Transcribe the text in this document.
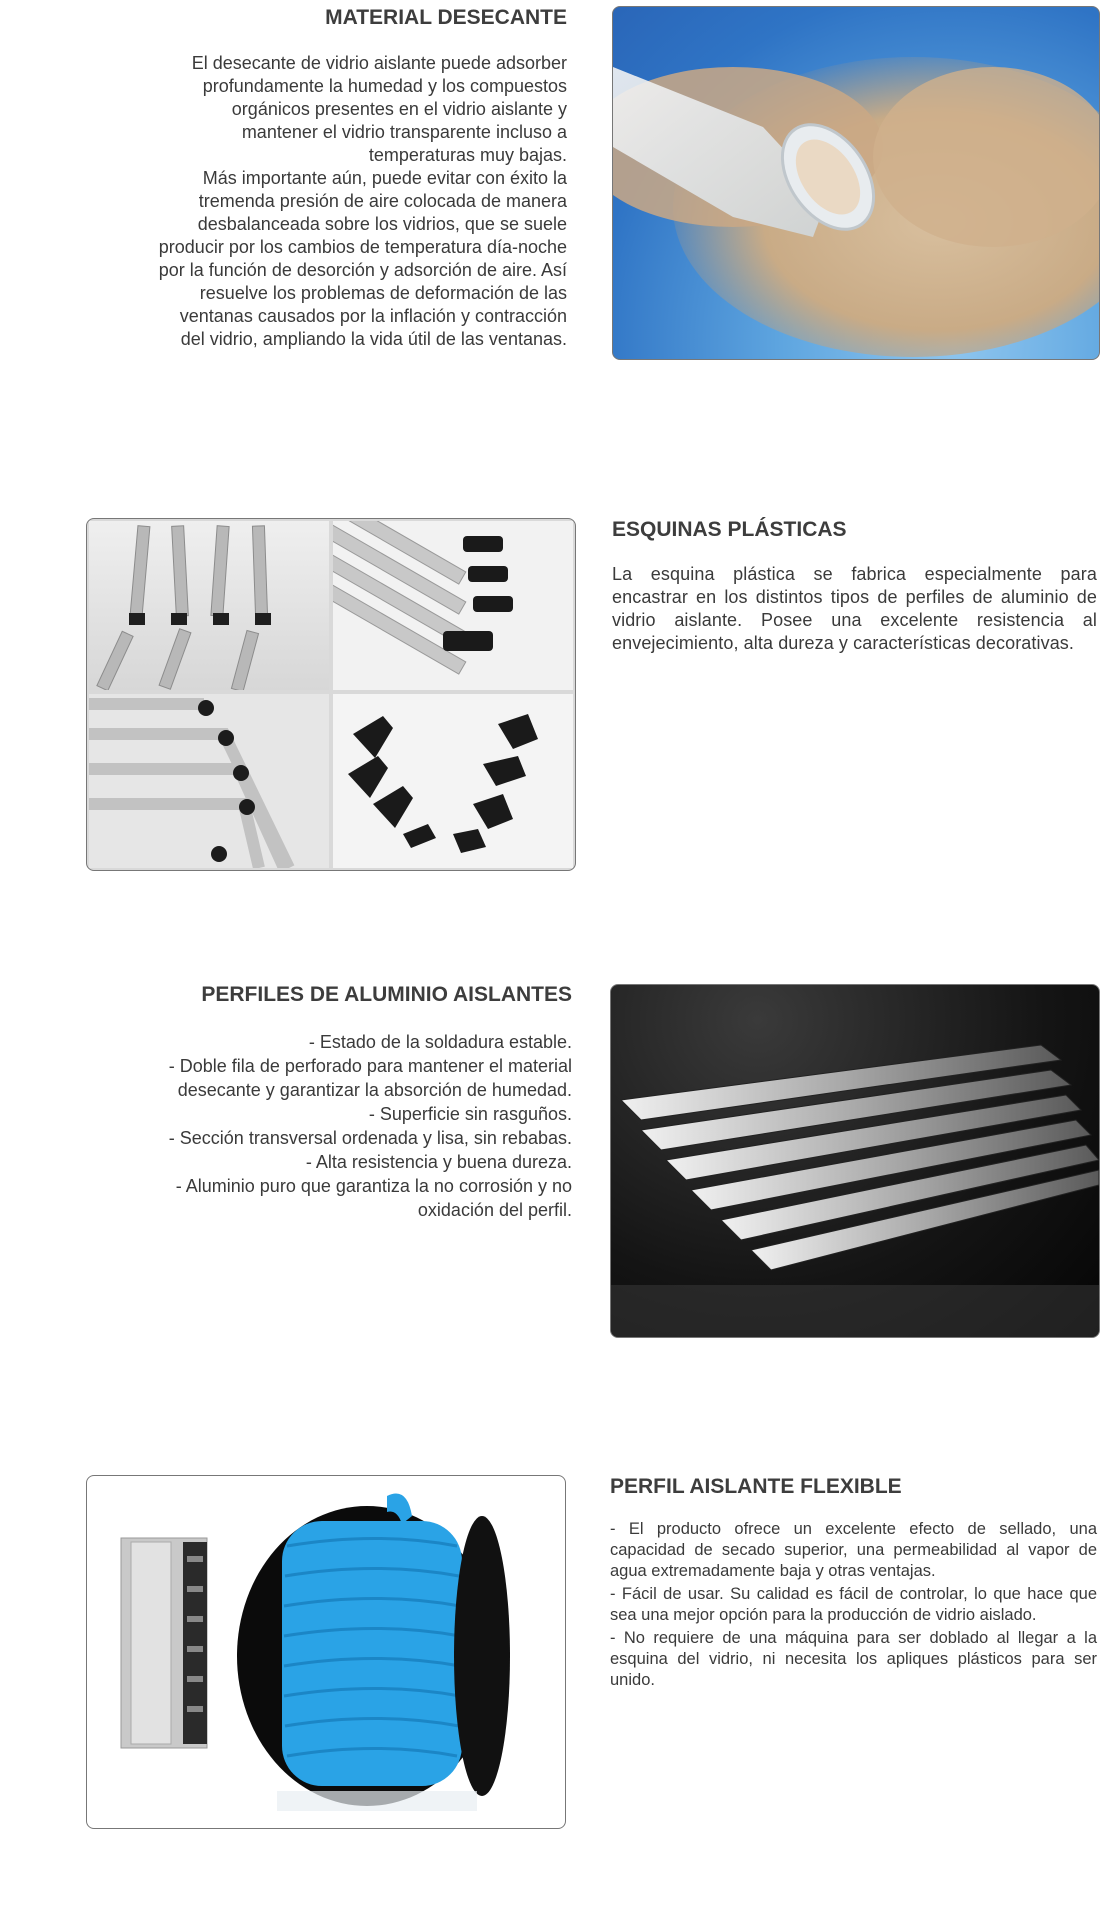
MATERIAL DESECANTE
El desecante de vidrio aislante puede adsorber
profundamente la humedad y los compuestos
orgánicos presentes en el vidrio aislante y
mantener el vidrio transparente incluso a
temperaturas muy bajas.
Más importante aún, puede evitar con éxito la
tremenda presión de aire colocada de manera
desbalanceada sobre los vidrios, que se suele
producir por los cambios de temperatura día-noche
por la función de desorción y adsorción de aire. Así
resuelve los problemas de deformación de las
ventanas causados por la inflación y contracción
del vidrio, ampliando la vida útil de las ventanas.
ESQUINAS PLÁSTICAS

La esquina plástica se fabrica especialmente para encastrar en los distintos tipos de perfiles de aluminio de vidrio aislante. Posee una excelente resistencia al envejecimiento, alta dureza y características decorativas.

PERFILES DE ALUMINIO AISLANTES
- Estado de la soldadura estable.
- Doble fila de perforado para mantener el material
desecante y garantizar la absorción de humedad.
- Superficie sin rasguños.
- Sección transversal ordenada y lisa, sin rebabas.
- Alta resistencia y buena dureza.
- Aluminio puro que garantiza la no corrosión y no
oxidación del perfil.
PERFIL AISLANTE FLEXIBLE

- El producto ofrece un excelente efecto de sellado, una capacidad de secado superior, una permeabilidad al vapor de agua extremadamente baja y otras ventajas.

- Fácil de usar. Su calidad es fácil de controlar, lo que hace que sea una mejor opción para la producción de vidrio aislado.

- No requiere de una máquina para ser doblado al llegar a la esquina del vidrio, ni necesita los apliques plásticos para ser unido.
